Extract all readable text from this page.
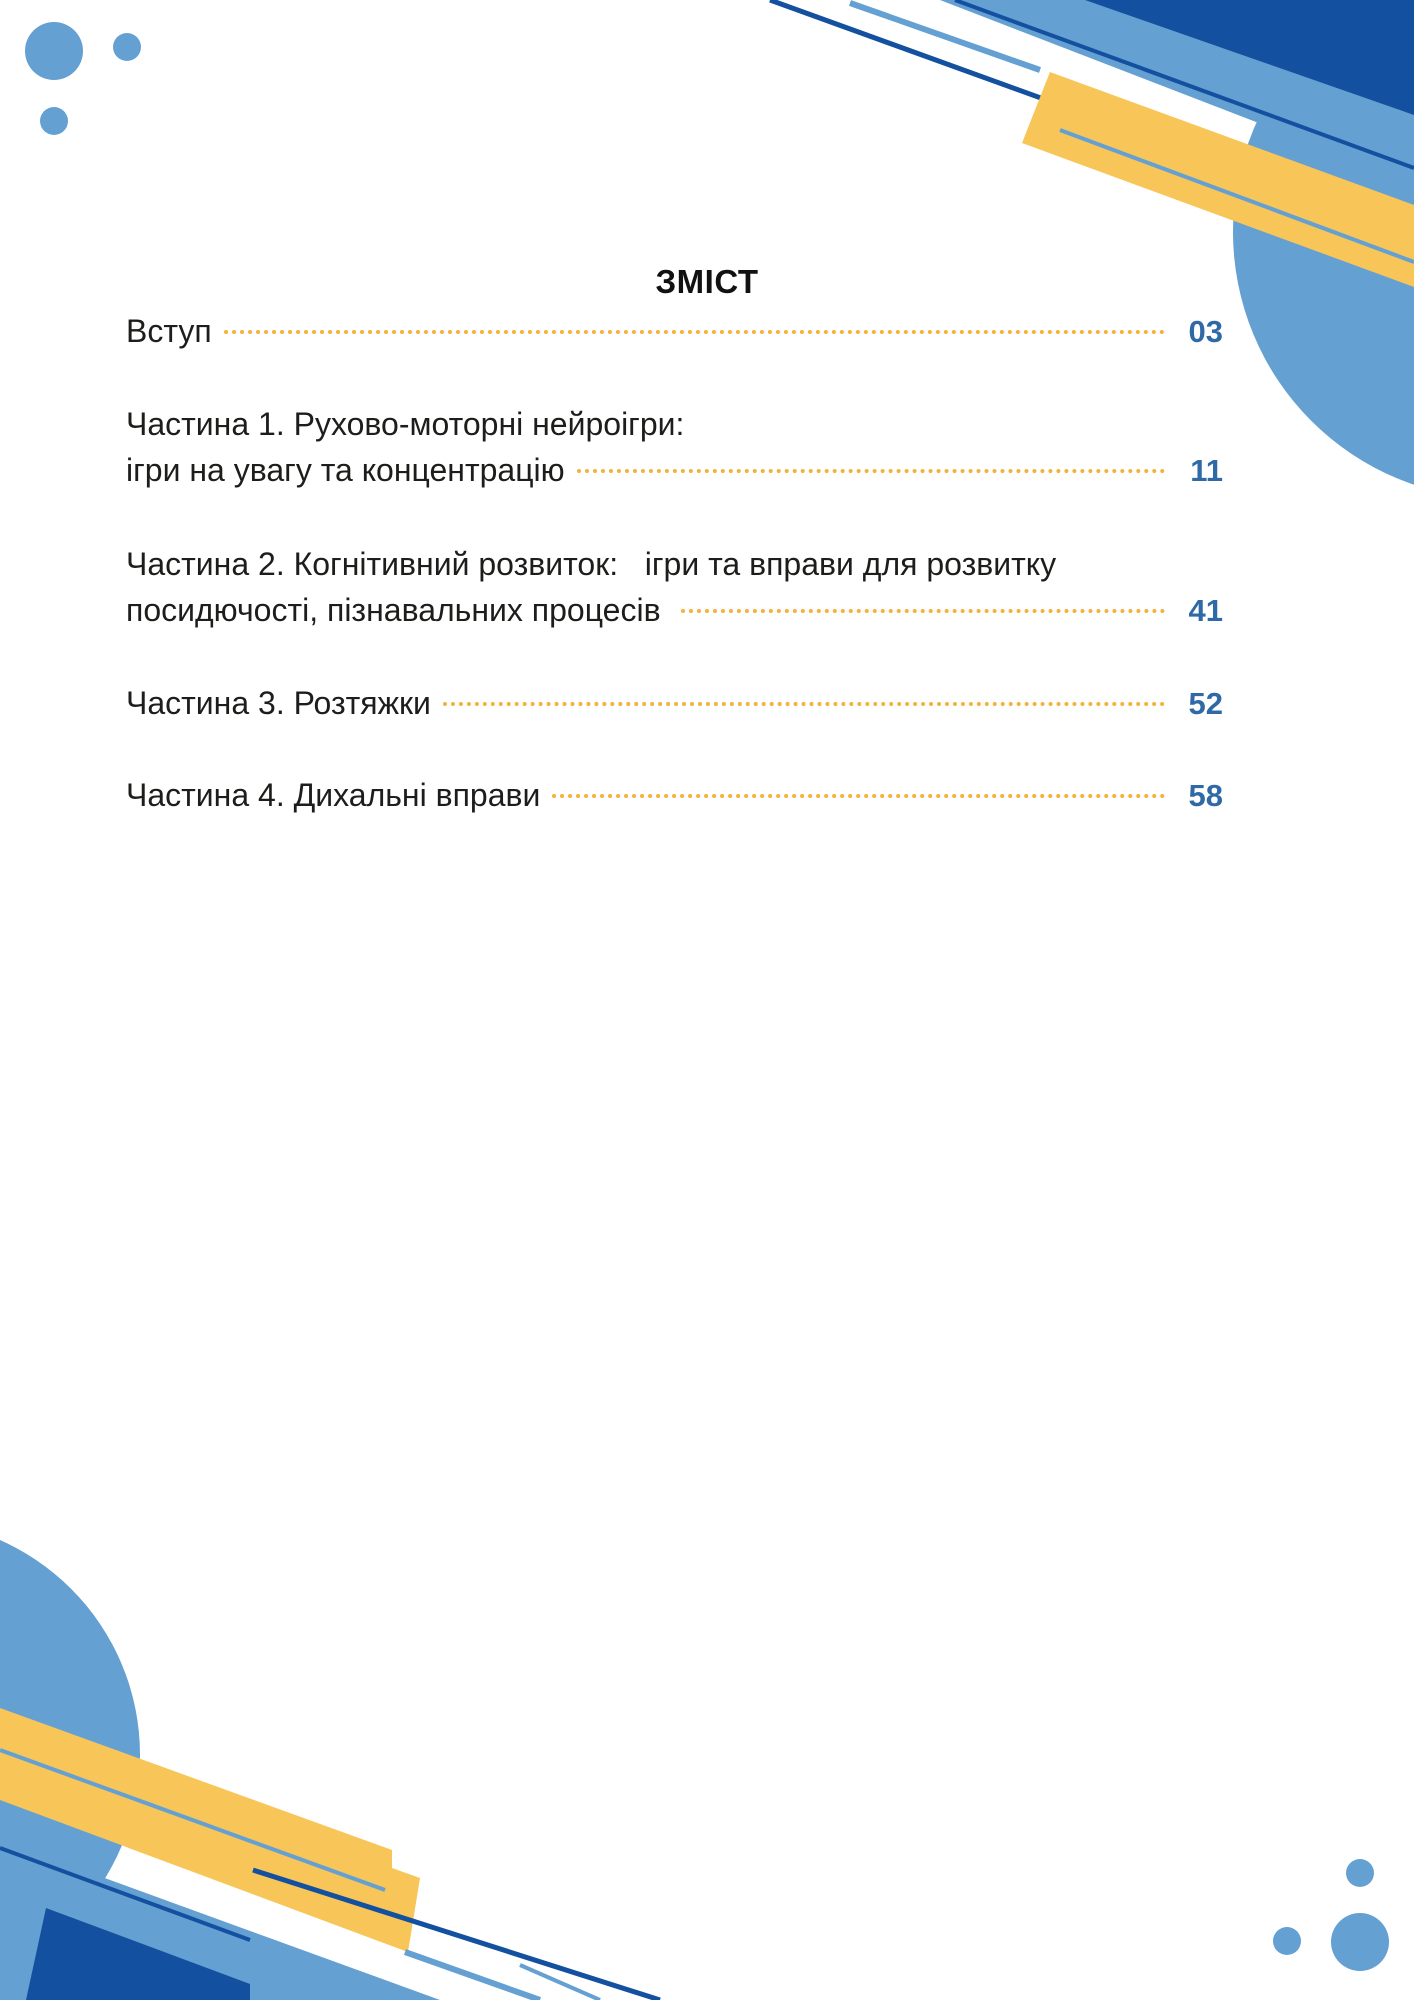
ЗМІСТ
Вступ	03
Частина 1. Рухово-моторні нейроігри:
ігри на увагу та концентрацію	11
Частина 2. Когнітивний розвиток:   ігри та вправи для розвитку
посидючості, пізнавальних процесів	41
Частина 3. Розтяжки	52
Частина 4. Дихальні вправи	58
